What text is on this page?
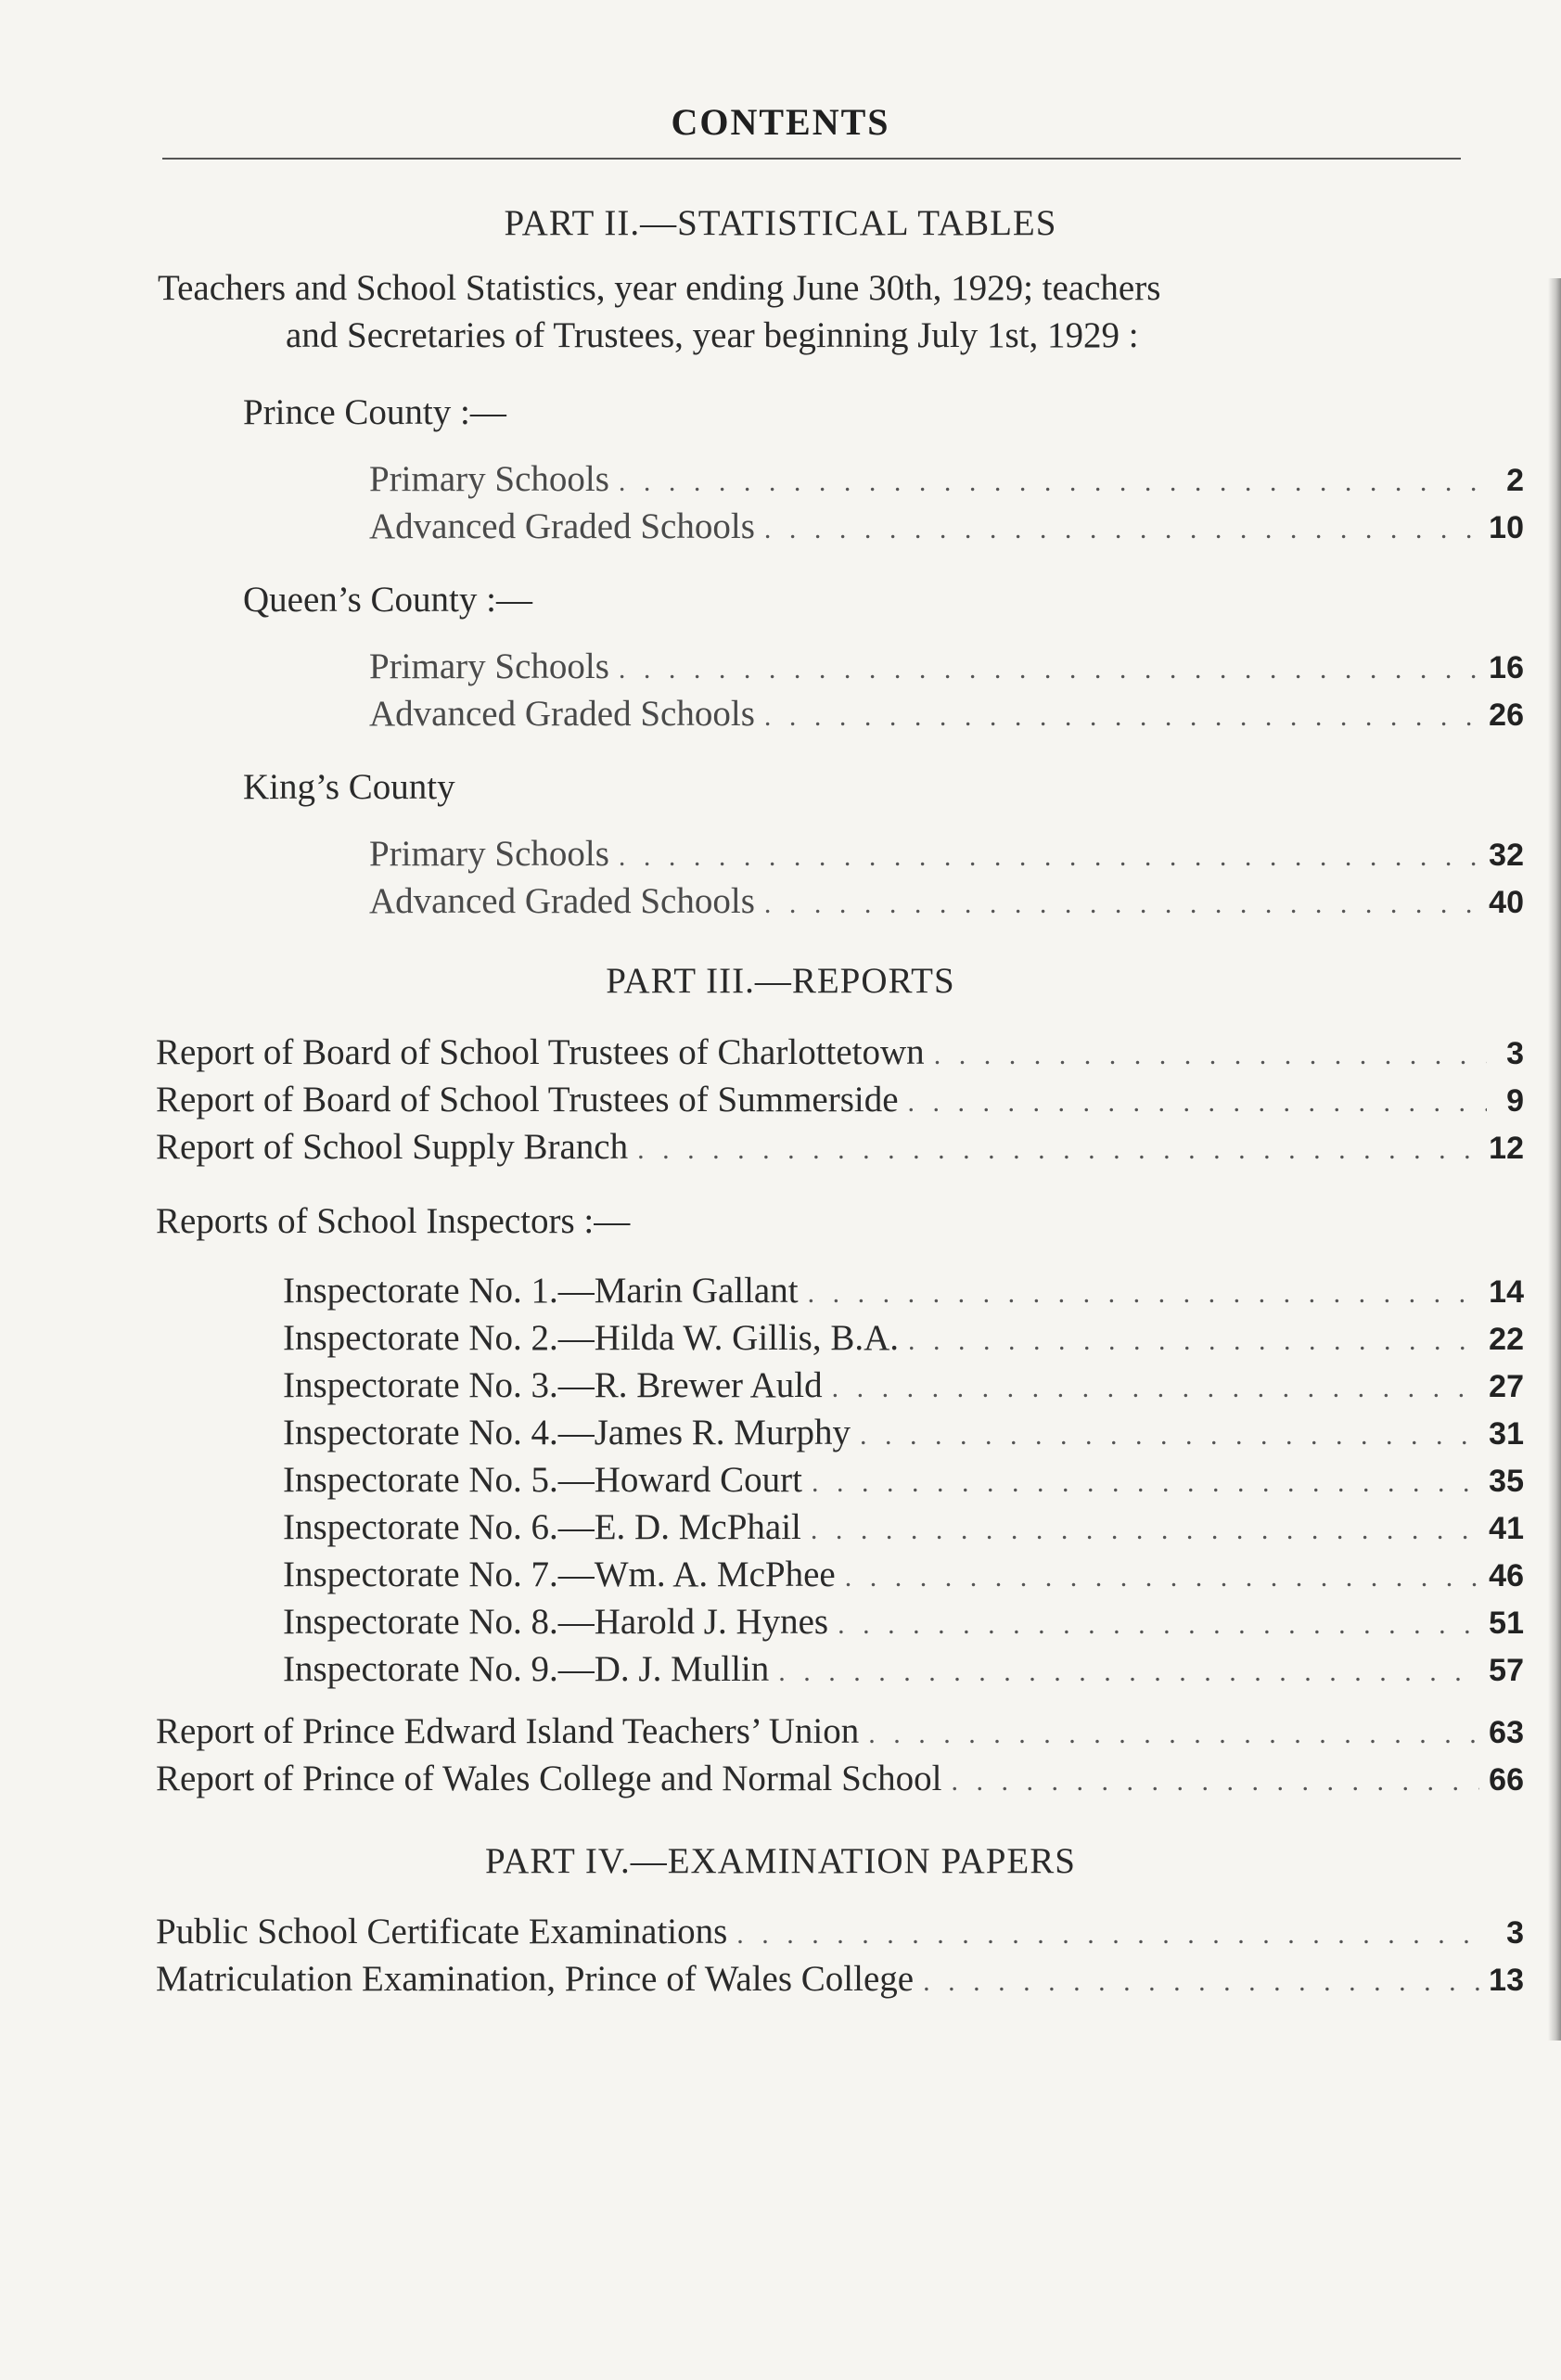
CONTENTS
PART II.—STATISTICAL TABLES
Teachers and School Statistics, year ending June 30th, 1929; teachers
and Secretaries of Trustees, year beginning July 1st, 1929 :
Prince County :—
Primary Schools . . .	2
Advanced Graded Schools . . .	10
Queen’s County :—
Primary Schools . . .	16
Advanced Graded Schools . . .	26
King’s County
Primary Schools . . .	32
Advanced Graded Schools . . .	40
PART III.—REPORTS
Report of Board of School Trustees of Charlottetown . . .	3
Report of Board of School Trustees of Summerside . . .	9
Report of School Supply Branch . . .	12
Reports of School Inspectors :—
Inspectorate No. 1.—Marin Gallant . . .	14
Inspectorate No. 2.—Hilda W. Gillis, B.A. . . .	22
Inspectorate No. 3.—R. Brewer Auld . . .	27
Inspectorate No. 4.—James R. Murphy . . .	31
Inspectorate No. 5.—Howard Court . . .	35
Inspectorate No. 6.—E. D. McPhail . . .	41
Inspectorate No. 7.—Wm. A. McPhee . . .	46
Inspectorate No. 8.—Harold J. Hynes . . .	51
Inspectorate No. 9.—D. J. Mullin . . .	57
Report of Prince Edward Island Teachers’ Union . . .	63
Report of Prince of Wales College and Normal School . . .	66
PART IV.—EXAMINATION PAPERS
Public School Certificate Examinations . . .	3
Matriculation Examination, Prince of Wales College . . .	13
